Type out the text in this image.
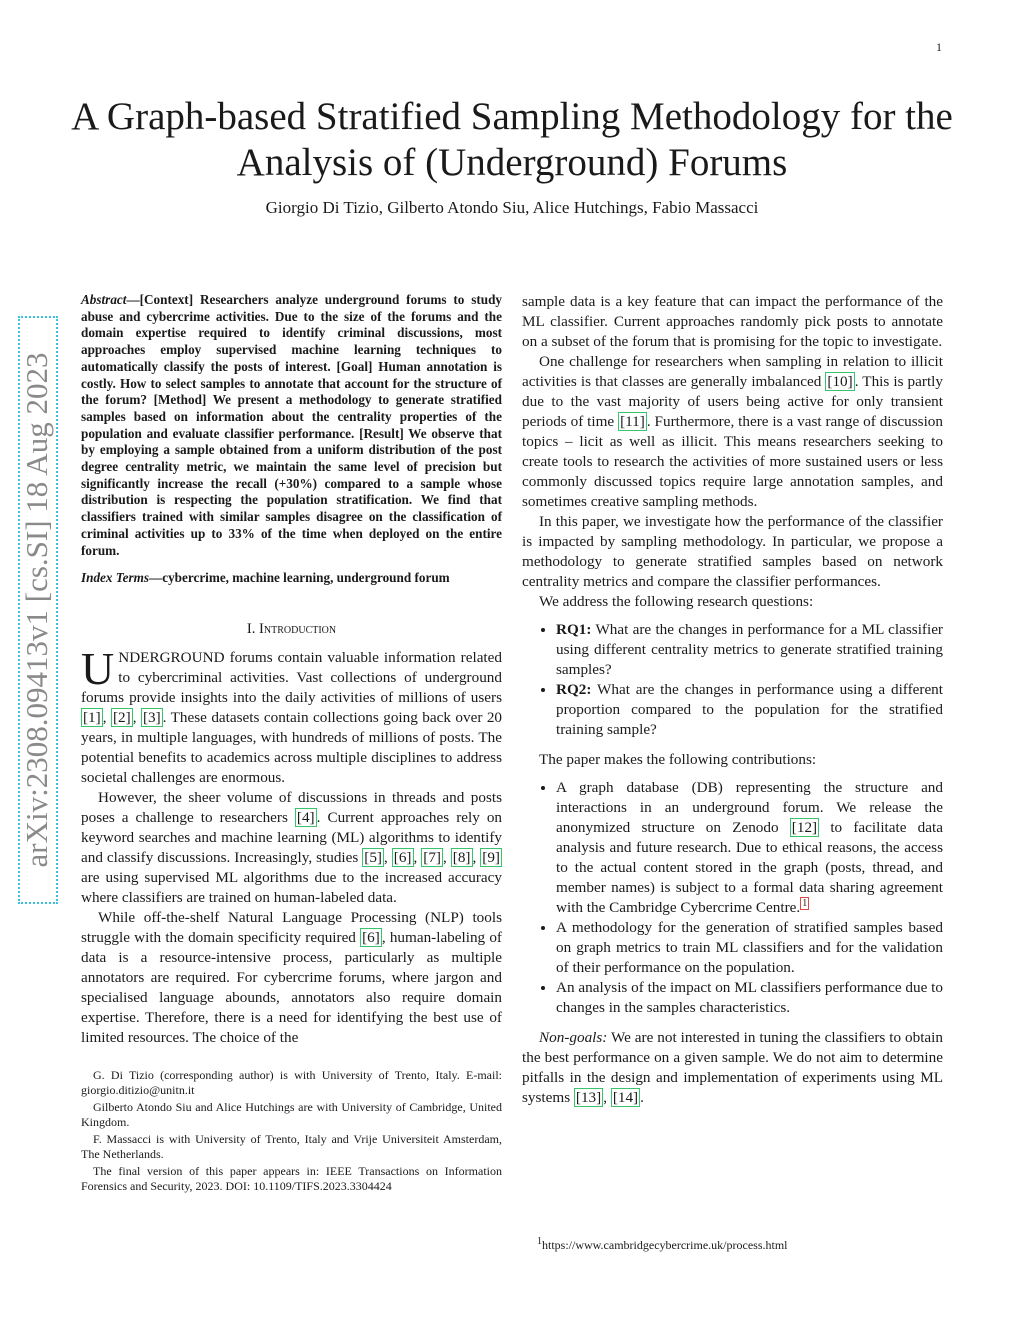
1
arXiv:2308.09413v1 [cs.SI] 18 Aug 2023
A Graph-based Stratified Sampling Methodology for the Analysis of (Underground) Forums

Giorgio Di Tizio, Gilberto Atondo Siu, Alice Hutchings, Fabio Massacci

Abstract—[Context] Researchers analyze underground forums to study abuse and cybercrime activities. Due to the size of the forums and the domain expertise required to identify criminal discussions, most approaches employ supervised machine learning techniques to automatically classify the posts of interest. [Goal] Human annotation is costly. How to select samples to annotate that account for the structure of the forum? [Method] We present a methodology to generate stratified samples based on information about the centrality properties of the population and evaluate classifier performance. [Result] We observe that by employing a sample obtained from a uniform distribution of the post degree centrality metric, we maintain the same level of precision but significantly increase the recall (+30%) compared to a sample whose distribution is respecting the population stratification. We find that classifiers trained with similar samples disagree on the classification of criminal activities up to 33% of the time when deployed on the entire forum.

Index Terms—cybercrime, machine learning, underground forum

I. Introduction

UNDERGROUND forums contain valuable information related to cybercriminal activities. Vast collections of underground forums provide insights into the daily activities of millions of users [1] , [2] , [3] . These datasets contain collections going back over 20 years, in multiple languages, with hundreds of millions of posts. The potential benefits to academics across multiple disciplines to address societal challenges are enormous.

However, the sheer volume of discussions in threads and posts poses a challenge to researchers [4] . Current approaches rely on keyword searches and machine learning (ML) algorithms to identify and classify discussions. Increasingly, studies [5] , [6] , [7] , [8] , [9] are using supervised ML algorithms due to the increased accuracy where classifiers are trained on human-labeled data.

While off-the-shelf Natural Language Processing (NLP) tools struggle with the domain specificity required [6] , human-labeling of data is a resource-intensive process, particularly as multiple annotators are required. For cybercrime forums, where jargon and specialised language abounds, annotators also require domain expertise. Therefore, there is a need for identifying the best use of limited resources. The choice of the

G. Di Tizio (corresponding author) is with University of Trento, Italy. E-mail: giorgio.ditizio@unitn.it

Gilberto Atondo Siu and Alice Hutchings are with University of Cambridge, United Kingdom.

F. Massacci is with University of Trento, Italy and Vrije Universiteit Amsterdam, The Netherlands.

The final version of this paper appears in: IEEE Transactions on Information Forensics and Security, 2023. DOI: 10.1109/TIFS.2023.3304424

sample data is a key feature that can impact the performance of the ML classifier. Current approaches randomly pick posts to annotate on a subset of the forum that is promising for the topic to investigate.

One challenge for researchers when sampling in relation to illicit activities is that classes are generally imbalanced [10] . This is partly due to the vast majority of users being active for only transient periods of time [11] . Furthermore, there is a vast range of discussion topics – licit as well as illicit. This means researchers seeking to create tools to research the activities of more sustained users or less commonly discussed topics require large annotation samples, and sometimes creative sampling methods.

In this paper, we investigate how the performance of the classifier is impacted by sampling methodology. In particular, we propose a methodology to generate stratified samples based on network centrality metrics and compare the classifier performances.

We address the following research questions:

• RQ1: What are the changes in performance for a ML classifier using different centrality metrics to generate stratified training samples?
• RQ2: What are the changes in performance using a different proportion compared to the population for the stratified training sample?

The paper makes the following contributions:

• A graph database (DB) representing the structure and interactions in an underground forum. We release the anonymized structure on Zenodo [12] to facilitate data analysis and future research. Due to ethical reasons, the access to the actual content stored in the graph (posts, thread, and member names) is subject to a formal data sharing agreement with the Cambridge Cybercrime Centre. $^1$
• A methodology for the generation of stratified samples based on graph metrics to train ML classifiers and for the validation of their performance on the population.
• An analysis of the impact on ML classifiers performance due to changes in the samples characteristics.

Non-goals: We are not interested in tuning the classifiers to obtain the best performance on a given sample. We do not aim to determine pitfalls in the design and implementation of experiments using ML systems [13] , [14] .

$^1$https://www.cambridgecybercrime.uk/process.html
